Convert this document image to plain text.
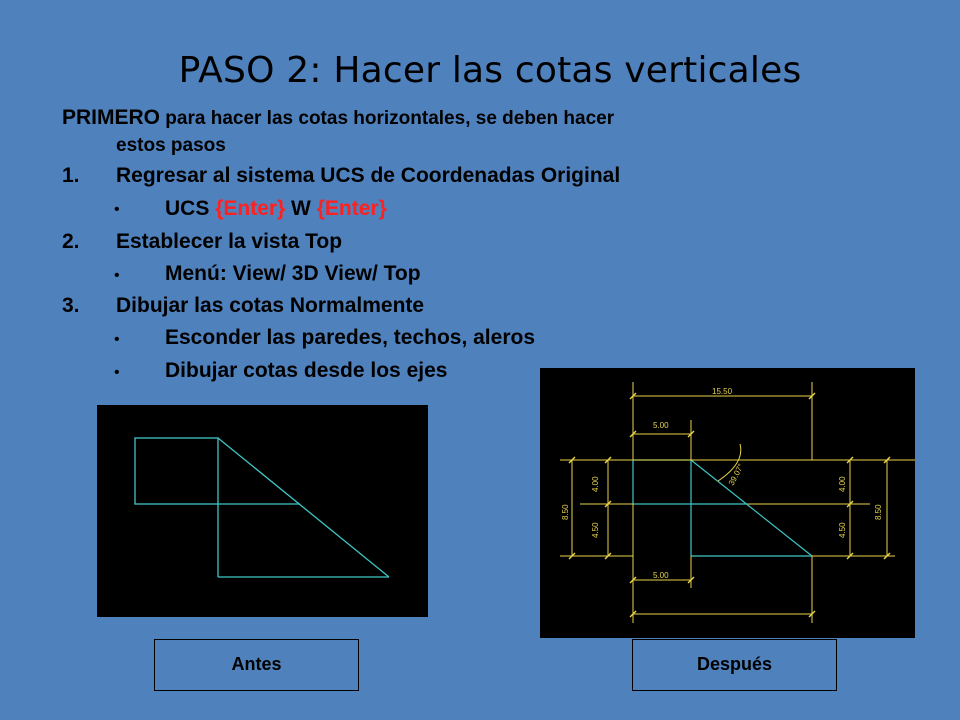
PASO 2: Hacer las cotas verticales
PRIMERO para hacer las cotas horizontales, se deben hacer
estos pasos
1. Regresar al sistema UCS de Coordenadas Original
• UCS {Enter} W {Enter}
2. Establecer la vista Top
• Menú: View/ 3D View/ Top
3. Dibujar las cotas Normalmente
• Esconder las paredes, techos, aleros
• Dibujar cotas desde los ejes
15.50
5.00
5.00
39.07°
8.50
4.00
4.50
4.00
4.50
8.50
Antes	Después
